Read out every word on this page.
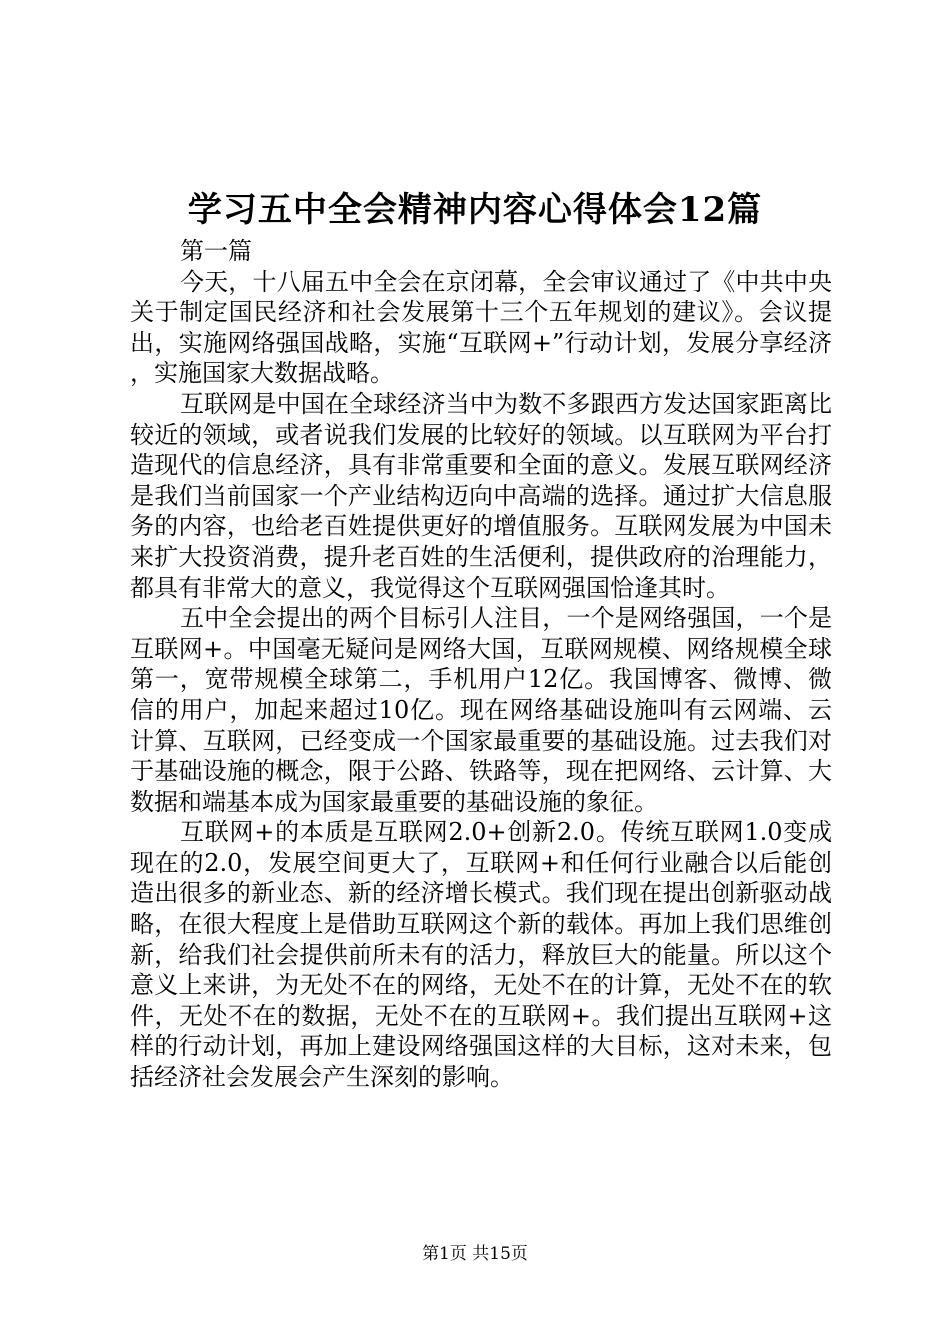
学习五中全会精神内容心得体会12篇

第一篇

今天，十八届五中全会在京闭幕，全会审议通过了《中共中央关于制定国民经济和社会发展第十三个五年规划的建议》。会议提出，实施网络强国战略，实施“互联网+”行动计划，发展分享经济，实施国家大数据战略。

互联网是中国在全球经济当中为数不多跟西方发达国家距离比较近的领域，或者说我们发展的比较好的领域。以互联网为平台打造现代的信息经济，具有非常重要和全面的意义。发展互联网经济是我们当前国家一个产业结构迈向中高端的选择。通过扩大信息服务的内容，也给老百姓提供更好的增值服务。互联网发展为中国未来扩大投资消费，提升老百姓的生活便利，提供政府的治理能力，都具有非常大的意义，我觉得这个互联网强国恰逢其时。

五中全会提出的两个目标引人注目，一个是网络强国，一个是互联网+。中国毫无疑问是网络大国，互联网规模、网络规模全球第一，宽带规模全球第二，手机用户12亿。我国博客、微博、微信的用户，加起来超过10亿。现在网络基础设施叫有云网端、云计算、互联网，已经变成一个国家最重要的基础设施。过去我们对于基础设施的概念，限于公路、铁路等，现在把网络、云计算、大数据和端基本成为国家最重要的基础设施的象征。

互联网+的本质是互联网2.0+创新2.0。传统互联网1.0变成现在的2.0，发展空间更大了，互联网+和任何行业融合以后能创造出很多的新业态、新的经济增长模式。我们现在提出创新驱动战略，在很大程度上是借助互联网这个新的载体。再加上我们思维创新，给我们社会提供前所未有的活力，释放巨大的能量。所以这个意义上来讲，为无处不在的网络，无处不在的计算，无处不在的软件，无处不在的数据，无处不在的互联网+。我们提出互联网+这样的行动计划，再加上建设网络强国这样的大目标，这对未来，包括经济社会发展会产生深刻的影响。

第1页 共15页
